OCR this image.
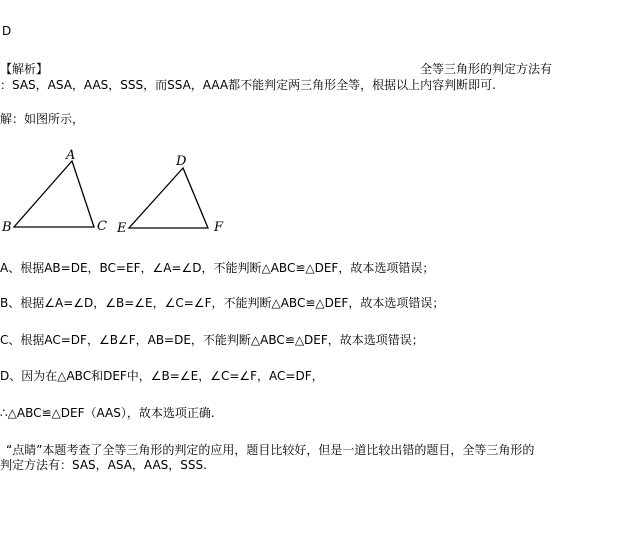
D
【解析】	全等三角形的判定方法有
：SAS，ASA，AAS，SSS，而SSA，AAA都不能判定两三角形全等，根据以上内容判断即可.
解：如图所示，
A
B	C
D
E	F
A、根据AB=DE，BC=EF，∠A=∠D，不能判断△ABC≌△DEF，故本选项错误；
B、根据∠A=∠D，∠B=∠E，∠C=∠F，不能判断△ABC≌△DEF，故本选项错误；
C、根据AC=DF，∠B∠F，AB=DE，不能判断△ABC≌△DEF，故本选项错误；
D、因为在△ABC和DEF中，∠B=∠E，∠C=∠F，AC=DF，
∴△ABC≌△DEF（AAS），故本选项正确.
“点睛”本题考查了全等三角形的判定的应用，题目比较好，但是一道比较出错的题目，全等三角形的
判定方法有：SAS，ASA，AAS，SSS.
